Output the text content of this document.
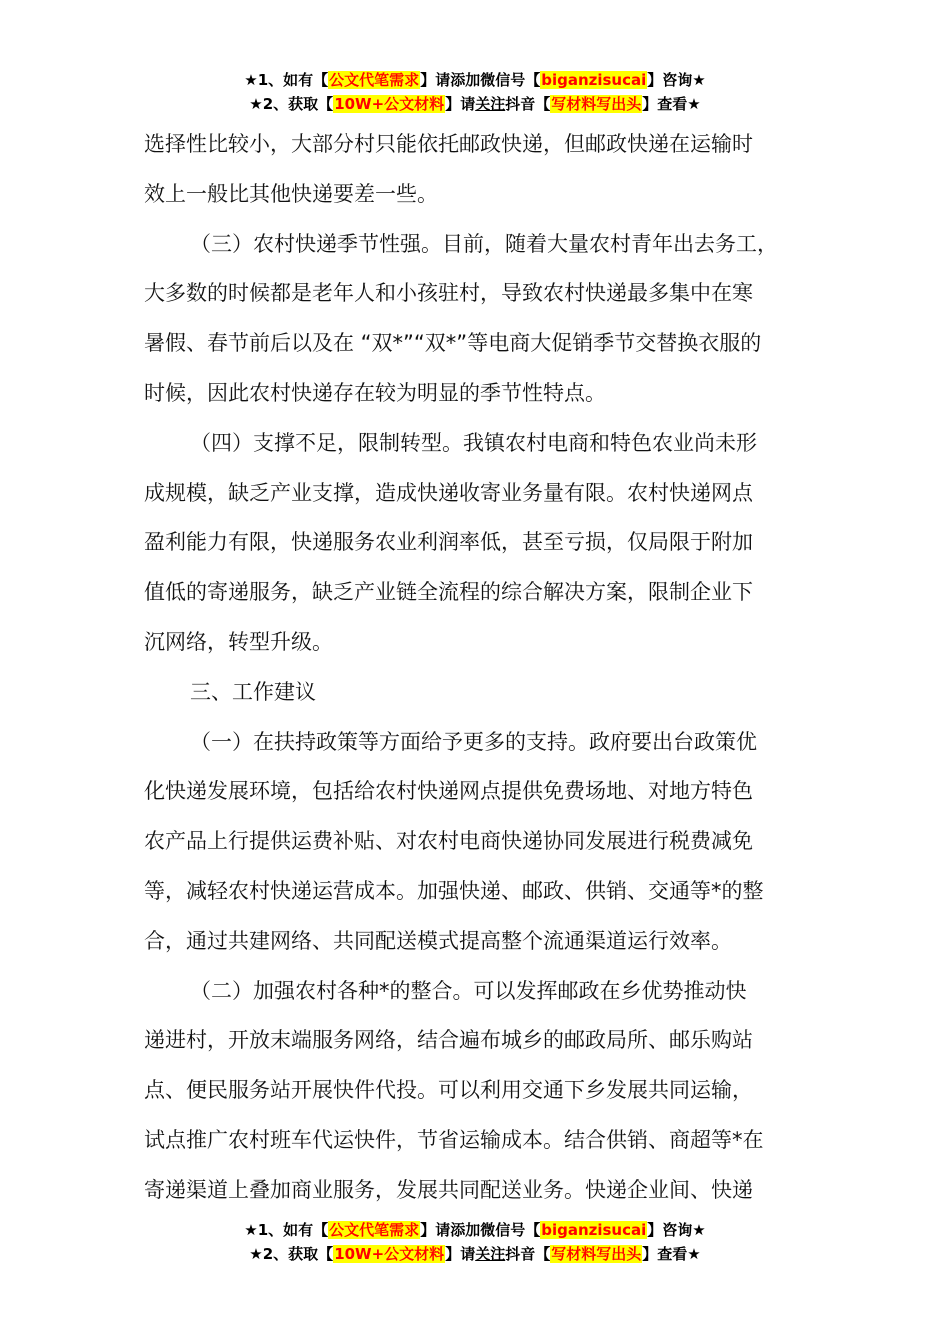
★1、如有【公文代笔需求】请添加微信号【biganzisucai】咨询★
★2、获取【10W+公文材料】请关注抖音【写材料写出头】查看★
选择性比较小，大部分村只能依托邮政快递，但邮政快递在运输时
效上一般比其他快递要差一些。
（三）农村快递季节性强。目前，随着大量农村青年出去务工，
大多数的时候都是老年人和小孩驻村，导致农村快递最多集中在寒
暑假、春节前后以及在 “双*”“双*”等电商大促销季节交替换衣服的
时候，因此农村快递存在较为明显的季节性特点。
（四）支撑不足，限制转型。我镇农村电商和特色农业尚未形
成规模，缺乏产业支撑，造成快递收寄业务量有限。农村快递网点
盈利能力有限，快递服务农业利润率低，甚至亏损，仅局限于附加
值低的寄递服务，缺乏产业链全流程的综合解决方案，限制企业下
沉网络，转型升级。
三、工作建议
（一）在扶持政策等方面给予更多的支持。政府要出台政策优
化快递发展环境，包括给农村快递网点提供免费场地、对地方特色
农产品上行提供运费补贴、对农村电商快递协同发展进行税费减免
等，减轻农村快递运营成本。加强快递、邮政、供销、交通等*的整
合，通过共建网络、共同配送模式提高整个流通渠道运行效率。
（二）加强农村各种*的整合。可以发挥邮政在乡优势推动快
递进村，开放末端服务网络，结合遍布城乡的邮政局所、邮乐购站
点、便民服务站开展快件代投。可以利用交通下乡发展共同运输，
试点推广农村班车代运快件，节省运输成本。结合供销、商超等*在
寄递渠道上叠加商业服务，发展共同配送业务。快递企业间、快递
★1、如有【公文代笔需求】请添加微信号【biganzisucai】咨询★
★2、获取【10W+公文材料】请关注抖音【写材料写出头】查看★
